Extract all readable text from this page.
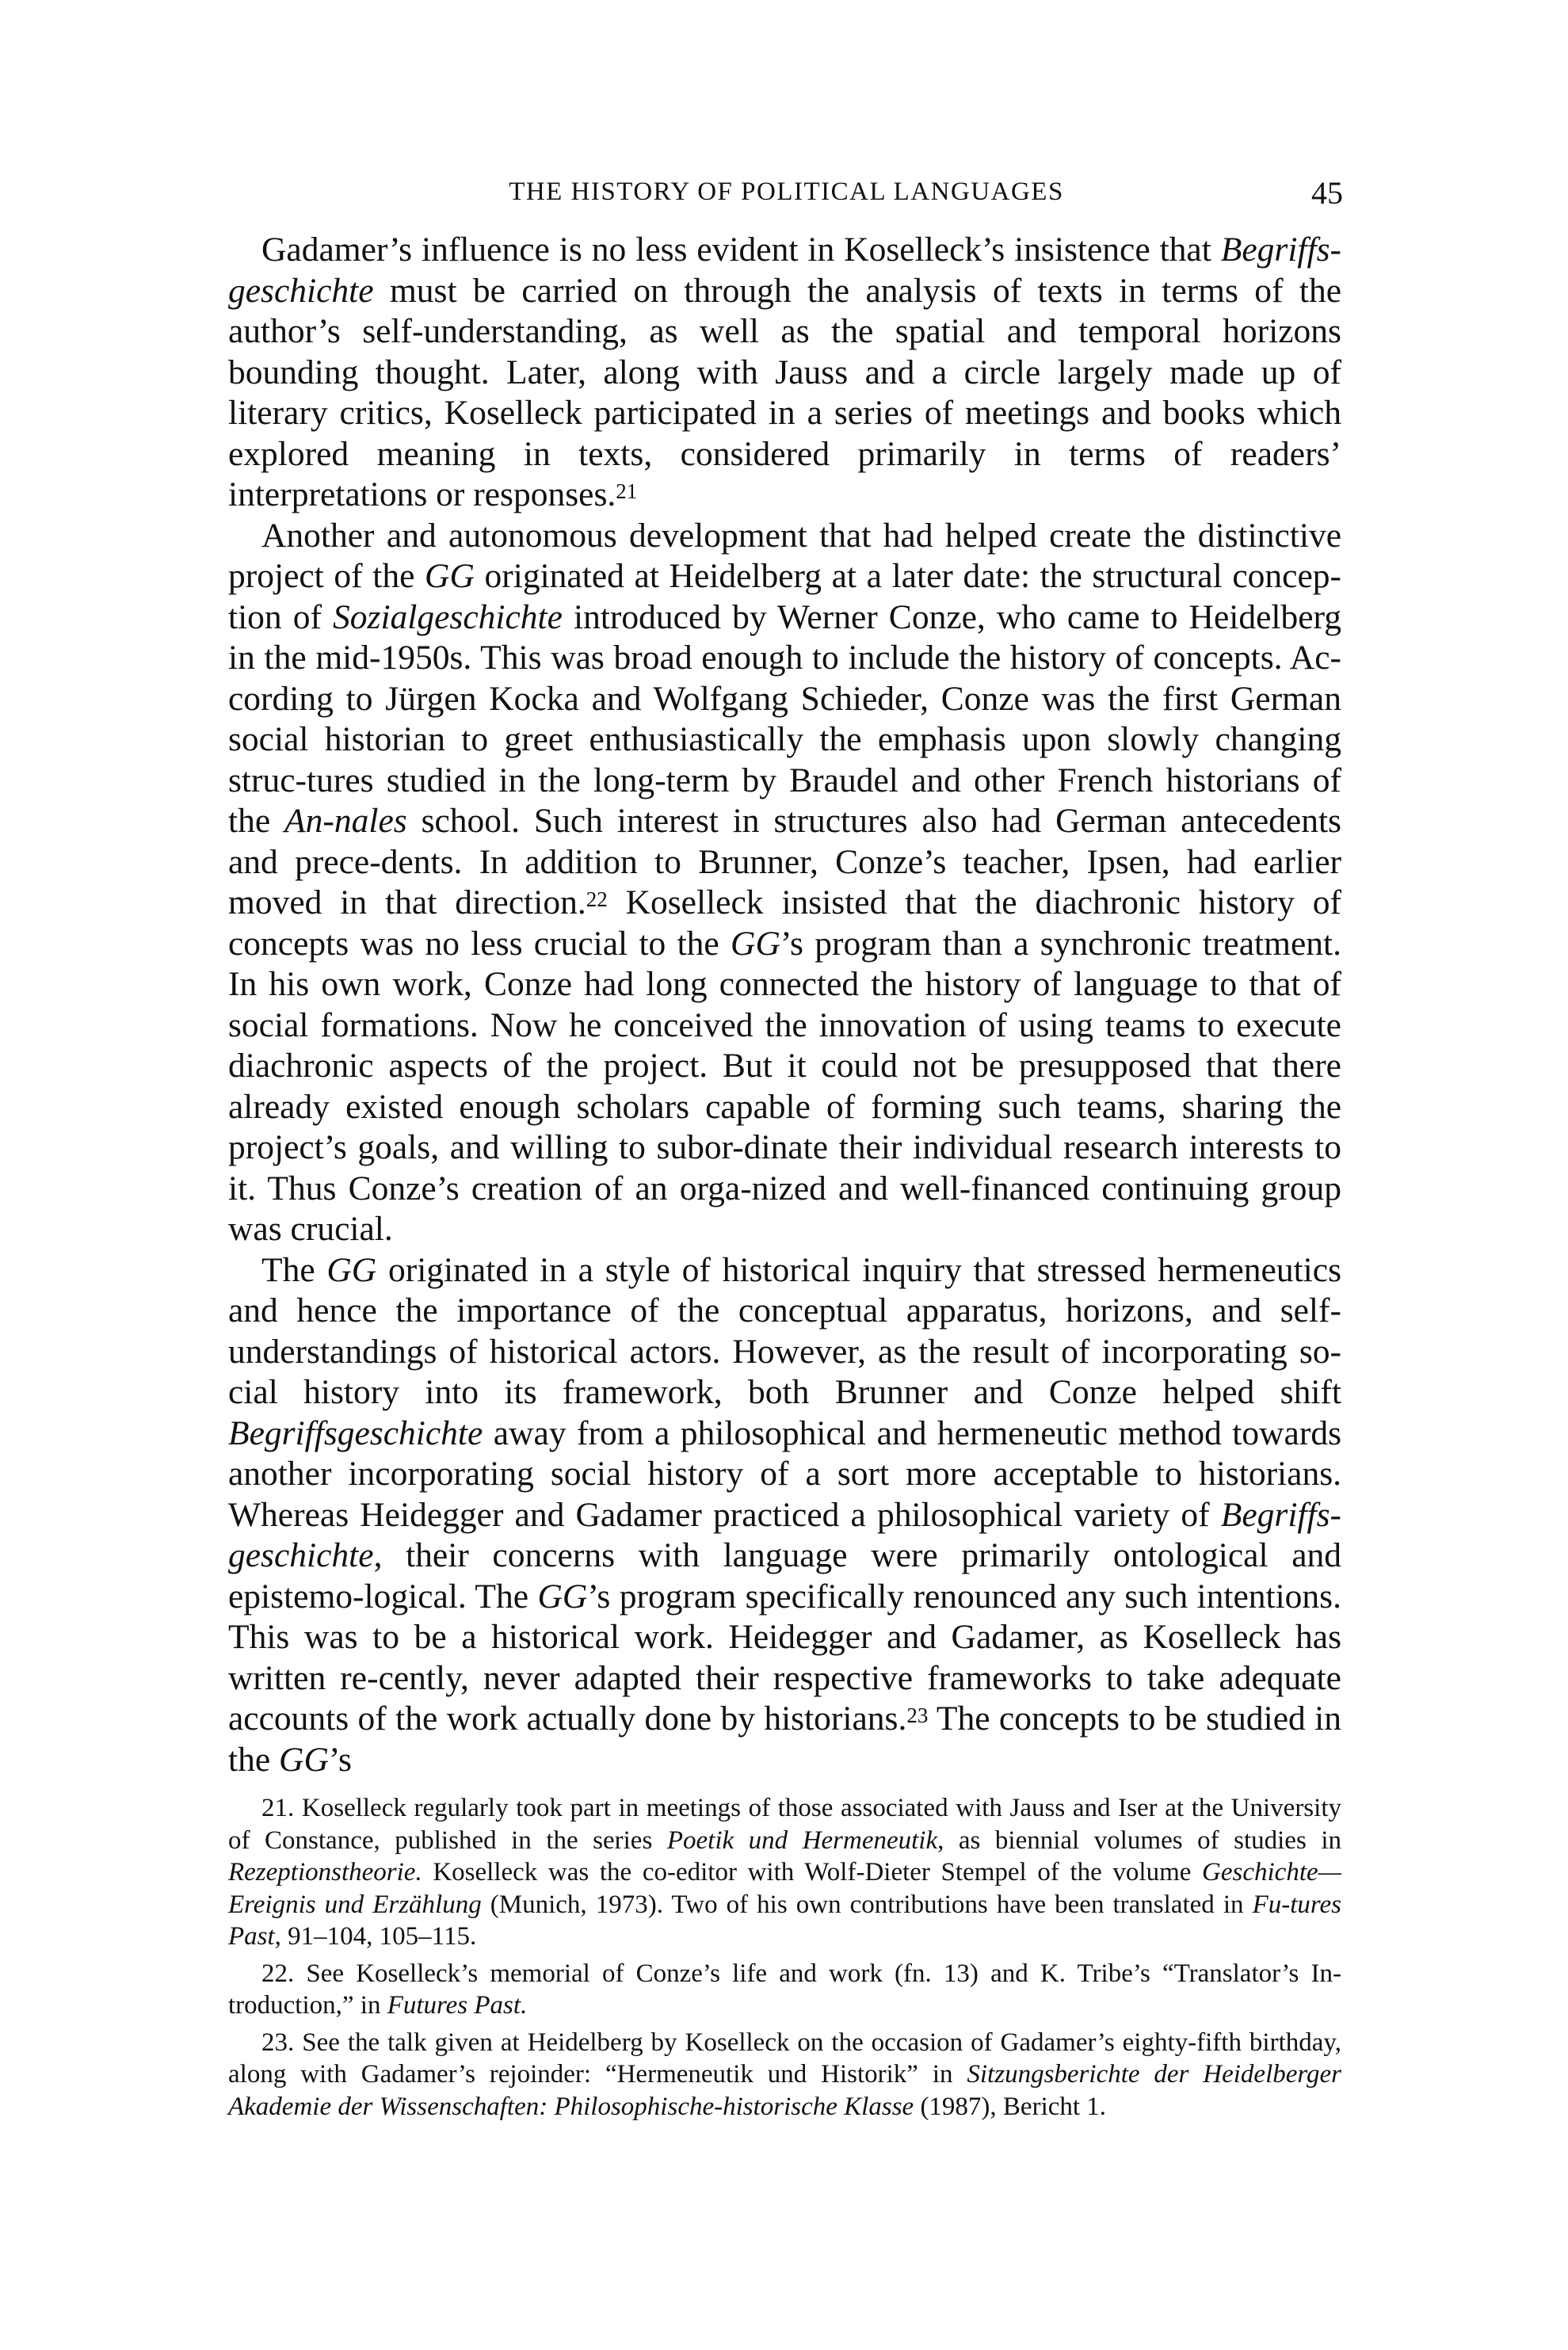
THE HISTORY OF POLITICAL LANGUAGES	45

Gadamer’s influence is no less evident in Koselleck’s insistence that Begriffs-geschichte must be carried on through the analysis of texts in terms of the author’s self-understanding, as well as the spatial and temporal horizons bounding thought. Later, along with Jauss and a circle largely made up of literary critics, Koselleck participated in a series of meetings and books which explored meaning in texts, considered primarily in terms of readers’ interpretations or responses.$^{21}$

Another and autonomous development that had helped create the distinctive project of the GG originated at Heidelberg at a later date: the structural concep-tion of Sozialgeschichte introduced by Werner Conze, who came to Heidelberg in the mid-1950s. This was broad enough to include the history of concepts. Ac-cording to Jürgen Kocka and Wolfgang Schieder, Conze was the first German social historian to greet enthusiastically the emphasis upon slowly changing struc-tures studied in the long-term by Braudel and other French historians of the An-nales school. Such interest in structures also had German antecedents and prece-dents. In addition to Brunner, Conze’s teacher, Ipsen, had earlier moved in that direction.$^{22}$ Koselleck insisted that the diachronic history of concepts was no less crucial to the GG’s program than a synchronic treatment. In his own work, Conze had long connected the history of language to that of social formations. Now he conceived the innovation of using teams to execute diachronic aspects of the project. But it could not be presupposed that there already existed enough scholars capable of forming such teams, sharing the project’s goals, and willing to subor-dinate their individual research interests to it. Thus Conze’s creation of an orga-nized and well-financed continuing group was crucial.

The GG originated in a style of historical inquiry that stressed hermeneutics and hence the importance of the conceptual apparatus, horizons, and self-understandings of historical actors. However, as the result of incorporating so-cial history into its framework, both Brunner and Conze helped shift Begriffsgeschichte away from a philosophical and hermeneutic method towards another incorporating social history of a sort more acceptable to historians. Whereas Heidegger and Gadamer practiced a philosophical variety of Begriffs-geschichte, their concerns with language were primarily ontological and epistemo-logical. The GG’s program specifically renounced any such intentions. This was to be a historical work. Heidegger and Gadamer, as Koselleck has written re-cently, never adapted their respective frameworks to take adequate accounts of the work actually done by historians.$^{23}$ The concepts to be studied in the GG’s

21. Koselleck regularly took part in meetings of those associated with Jauss and Iser at the University of Constance, published in the series Poetik und Hermeneutik, as biennial volumes of studies in Rezeptionstheorie. Koselleck was the co-editor with Wolf-Dieter Stempel of the volume Geschichte—Ereignis und Erzählung (Munich, 1973). Two of his own contributions have been translated in Fu-tures Past, 91–104, 105–115.

22. See Koselleck’s memorial of Conze’s life and work (fn. 13) and K. Tribe’s “Translator’s In-troduction,” in Futures Past.

23. See the talk given at Heidelberg by Koselleck on the occasion of Gadamer’s eighty-fifth birthday, along with Gadamer’s rejoinder: “Hermeneutik und Historik” in Sitzungsberichte der Heidelberger Akademie der Wissenschaften: Philosophische-historische Klasse (1987), Bericht 1.
